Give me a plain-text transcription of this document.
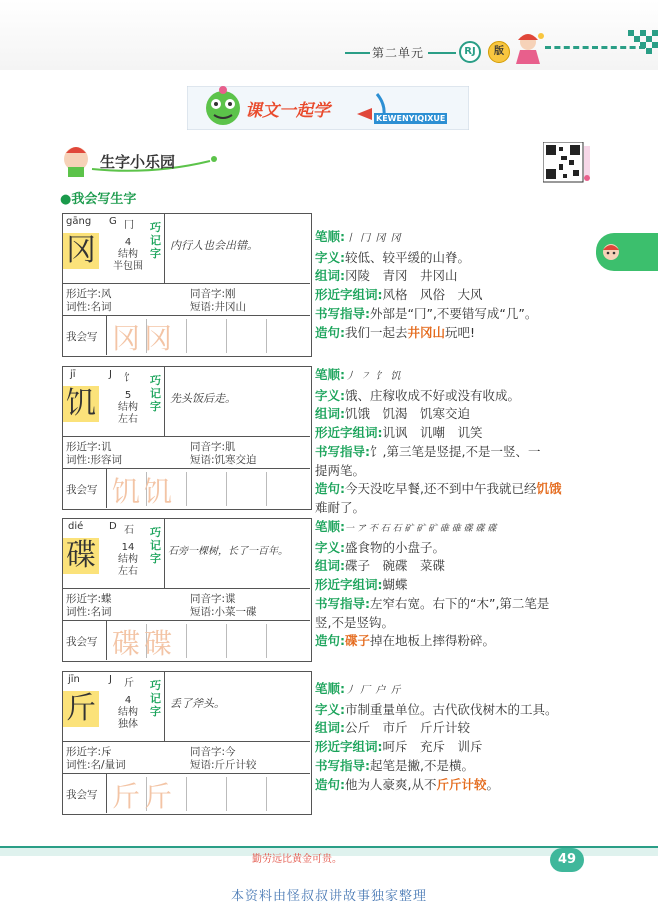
第二单元	RJ	版
课文一起学	KEWENYIQIXUE
生字小乐园
●我会写生字
gāng G 冂
冈	4
结构
半包围
巧记字
内行人也会出错。
形近字:风	同音字:刚
词性:名词	短语:井冈山
我会写 冈冈
jī	J 饣
饥	5
结构
左右
巧记字
先头饭后走。
形近字:讥	同音字:肌
词性:形容词	短语:饥寒交迫
我会写 饥饥
dié	D 石
碟	14
结构
左右
巧记字
石旁一棵树，长了一百年。
形近字:蝶	同音字:谍
词性:名词	短语:小菜一碟
我会写 碟碟
jīn	J 斤
斤	4
结构
独体
巧记字
丢了斧头。
形近字:斥	同音字:今
词性:名/量词	短语:斤斤计较
我会写 斤斤
笔顺:丨 冂 冈 冈
字义:较低、较平缓的山脊。
组词:冈陵　青冈　井冈山
形近字组词:风格　风俗　大风
书写指导:外部是“冂”,不要错写成“几”。
造句:我们一起去井冈山玩吧!
笔顺:丿 ㇇ 饣 饥
字义:饿、庄稼收成不好或没有收成。
组词:饥饿　饥渴　饥寒交迫
形近字组词:讥讽　讥嘲　讥笑
书写指导:饣,第三笔是竖提,不是一竖、一
提两笔。
造句:今天没吃早餐,还不到中午我就已经饥饿
难耐了。
笔顺:一 ア 不 石 石 矿 矿 矿 碓 碓 碟 碟 碟
字义:盛食物的小盘子。
组词:碟子　碗碟　菜碟
形近字组词:蝴蝶
书写指导:左窄右宽。右下的“木”,第二笔是
竖,不是竖钩。
造句:碟子掉在地板上摔得粉碎。
笔顺:丿 厂 户 斤
字义:市制重量单位。古代砍伐树木的工具。
组词:公斤　市斤　斤斤计较
形近字组词:呵斥　充斥　训斥
书写指导:起笔是撇,不是横。
造句:他为人豪爽,从不斤斤计较。
勤劳远比黄金可贵。	49
本资料由怪叔叔讲故事独家整理
